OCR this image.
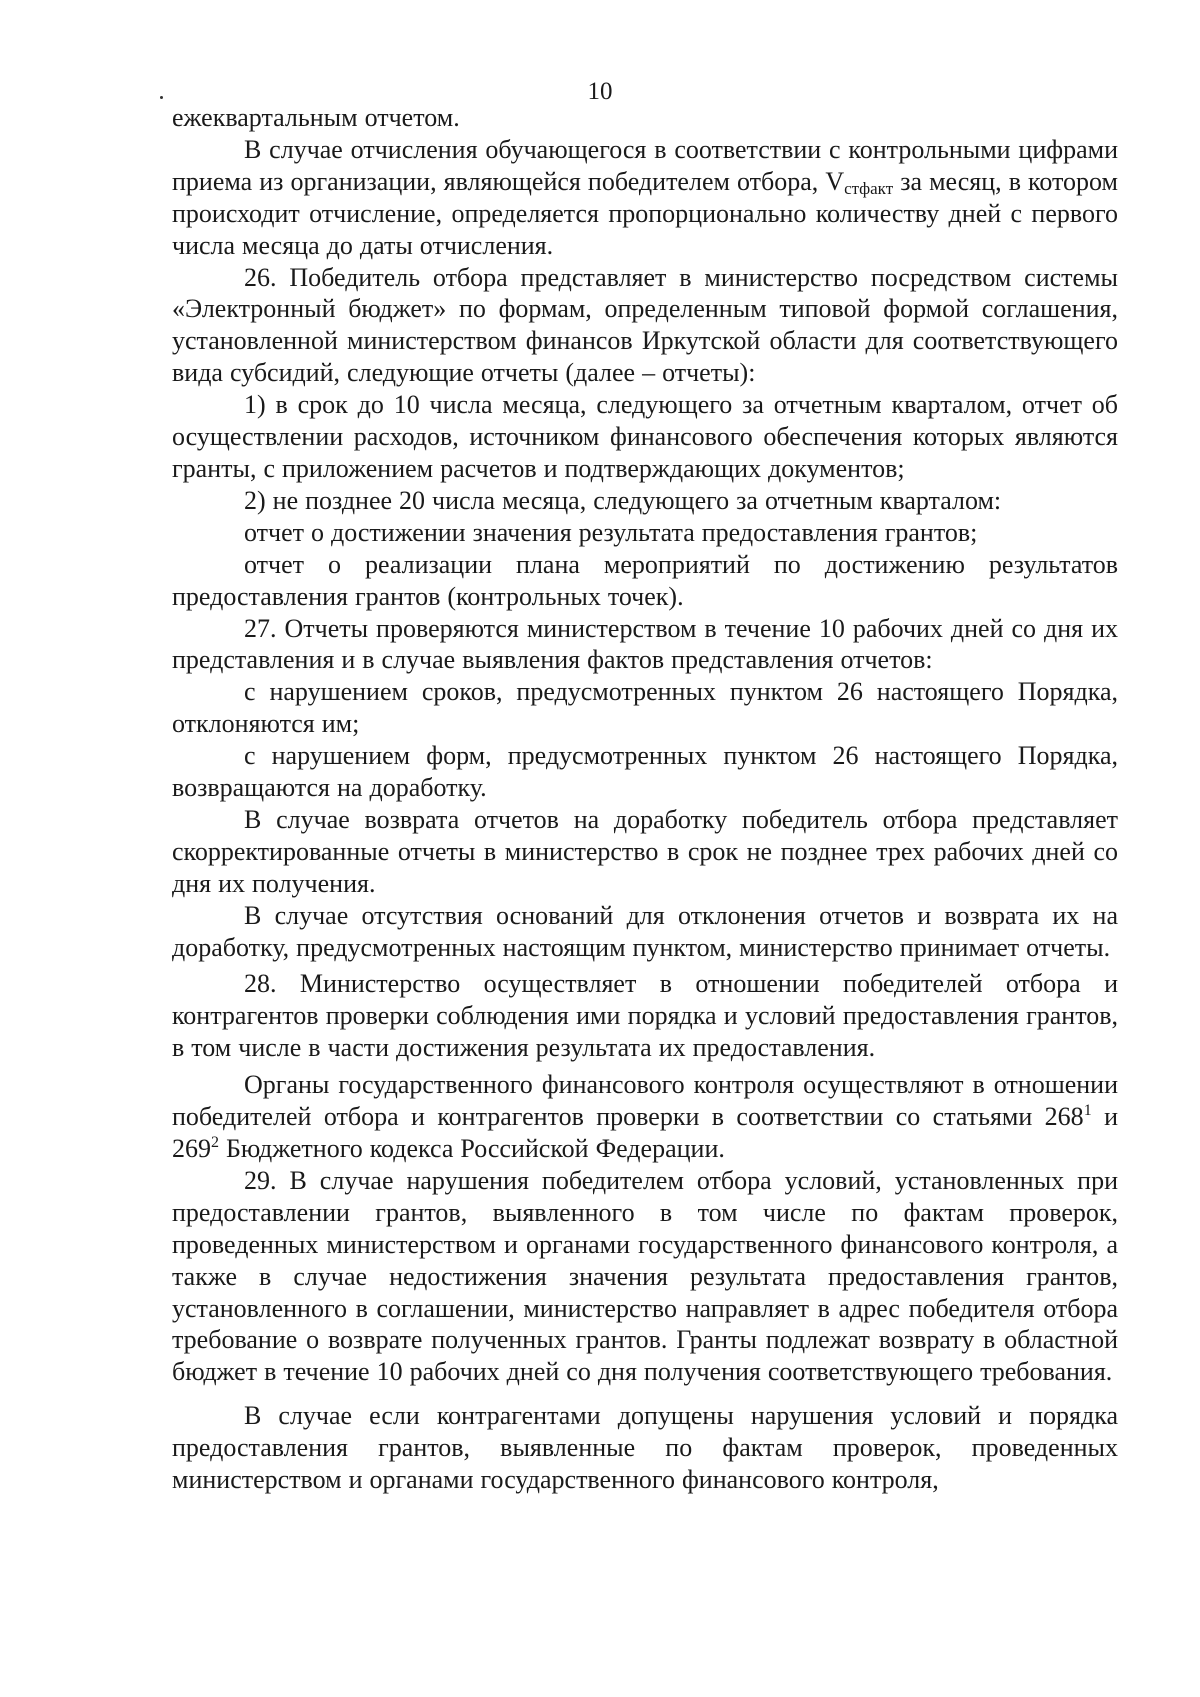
10

ежеквартальным отчетом.

В случае отчисления обучающегося в соответствии с контрольными цифрами приема из организации, являющейся победителем отбора, $V_{стфакт}$ за месяц, в котором происходит отчисление, определяется пропорционально количеству дней с первого числа месяца до даты отчисления.

26. Победитель отбора представляет в министерство посредством системы «Электронный бюджет» по формам, определенным типовой формой соглашения, установленной министерством финансов Иркутской области для соответствующего вида субсидий, следующие отчеты (далее – отчеты):

1) в срок до 10 числа месяца, следующего за отчетным кварталом, отчет об осуществлении расходов, источником финансового обеспечения которых являются гранты, с приложением расчетов и подтверждающих документов;

2) не позднее 20 числа месяца, следующего за отчетным кварталом:

отчет о достижении значения результата предоставления грантов;

отчет о реализации плана мероприятий по достижению результатов предоставления грантов (контрольных точек).

27. Отчеты проверяются министерством в течение 10 рабочих дней со дня их представления и в случае выявления фактов представления отчетов:

с нарушением сроков, предусмотренных пунктом 26 настоящего Порядка, отклоняются им;

с нарушением форм, предусмотренных пунктом 26 настоящего Порядка, возвращаются на доработку.

В случае возврата отчетов на доработку победитель отбора представляет скорректированные отчеты в министерство в срок не позднее трех рабочих дней со дня их получения.

В случае отсутствия оснований для отклонения отчетов и возврата их на доработку, предусмотренных настоящим пунктом, министерство принимает отчеты.

28. Министерство осуществляет в отношении победителей отбора и контрагентов проверки соблюдения ими порядка и условий предоставления грантов, в том числе в части достижения результата их предоставления.

Органы государственного финансового контроля осуществляют в отношении победителей отбора и контрагентов проверки в соответствии со статьями $268^1$ и $269^2$ Бюджетного кодекса Российской Федерации.

29. В случае нарушения победителем отбора условий, установленных при предоставлении грантов, выявленного в том числе по фактам проверок, проведенных министерством и органами государственного финансового контроля, а также в случае недостижения значения результата предоставления грантов, установленного в соглашении, министерство направляет в адрес победителя отбора требование о возврате полученных грантов. Гранты подлежат возврату в областной бюджет в течение 10 рабочих дней со дня получения соответствующего требования.

В случае если контрагентами допущены нарушения условий и порядка предоставления грантов, выявленные по фактам проверок, проведенных министерством и органами государственного финансового контроля,
